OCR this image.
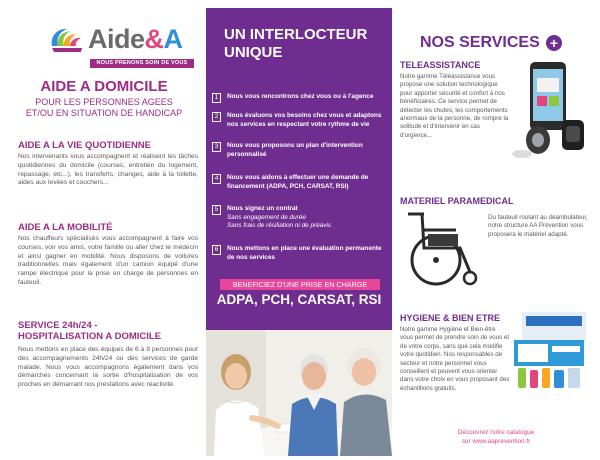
Aide&A
NOUS PRENONS SOIN DE VOUS
AIDE A DOMICILE
POUR LES PERSONNES AGEES
ET/OU EN SITUATION DE HANDICAP
AIDE A LA VIE QUOTIDIENNE
Nos intervenants vous accompagnent et réalisent les tâches quotidiennes du domicile (courses, entretien du logement, repassage, etc...), les transferts, changes, aide à la toilette, aides aux levées et couchers...
AIDE A LA MOBILITÉ
Nos chauffeurs spécialisés vous accompagnent à faire vos courses, voir vos amis, votre famille ou aller chez le médecin et ainsi gagner en mobilité. Nous disposons de voitures traditionnelles mais également d'un camion équipé d'une rampe électrique pour la prise en charge de personnes en fauteuil.
SERVICE 24h/24 -
HOSPITALISATION A DOMICILE
Nous mettons en place des équipes de 6 à 8 personnes pour des accompagnements 24h/24 ou des services de garde malade. Nous vous accompagnons également dans vos démarches concernant la sortie d'hospitalisation de vos proches en démarrant nos prestations avec réactivité.
UN INTERLOCTEUR
UNIQUE
1	Nous vous rencontrons chez vous ou à l'agence
2	Nous évaluons vos besoins chez vous et adaptons nos services en respectant votre rythme de vie
3	Nous vous proposons un plan d'intervention personnalisé
4	Nous vous aidons à effectuer une demande de financement (ADPA, PCH, CARSAT, RSI)
5	Nous signez un contrat
Sans engagement de durée
Sans frais de résiliation ni de préavis
6	Nous mettons en place une évaluation permanente de nos services
BENEFICIEZ D'UNE PRISE EN CHARGE
ADPA, PCH, CARSAT, RSI
NOS SERVICES +
TELEASSISTANCE
Notre gamme Téléassistance vous propose une solution technologique pour apporter sécurité et confort à nos bénéficiaires. Ce service permet de détecter les chutes, les comportements anormaux de la personne, de rompre la solitude et d'intervenir en cas d'urgence...
MATERIEL PARAMEDICAL
Du fauteuil roulant au déambulateur, notre structure AA Prévention vous proposera le matériel adapté.
HYGIENE & BIEN ETRE
Notre gamme Hygiène et Bien-être vous permet de prendre soin de vous et de votre corps, sans que cela modifie votre quotidien. Nos responsables de secteur et notre personnel vous conseillent et peuvent vous orienter dans votre choix en vous proposant des échantillons gratuits.
Découvrez notre catalogue
sur www.aaprevention.fr
